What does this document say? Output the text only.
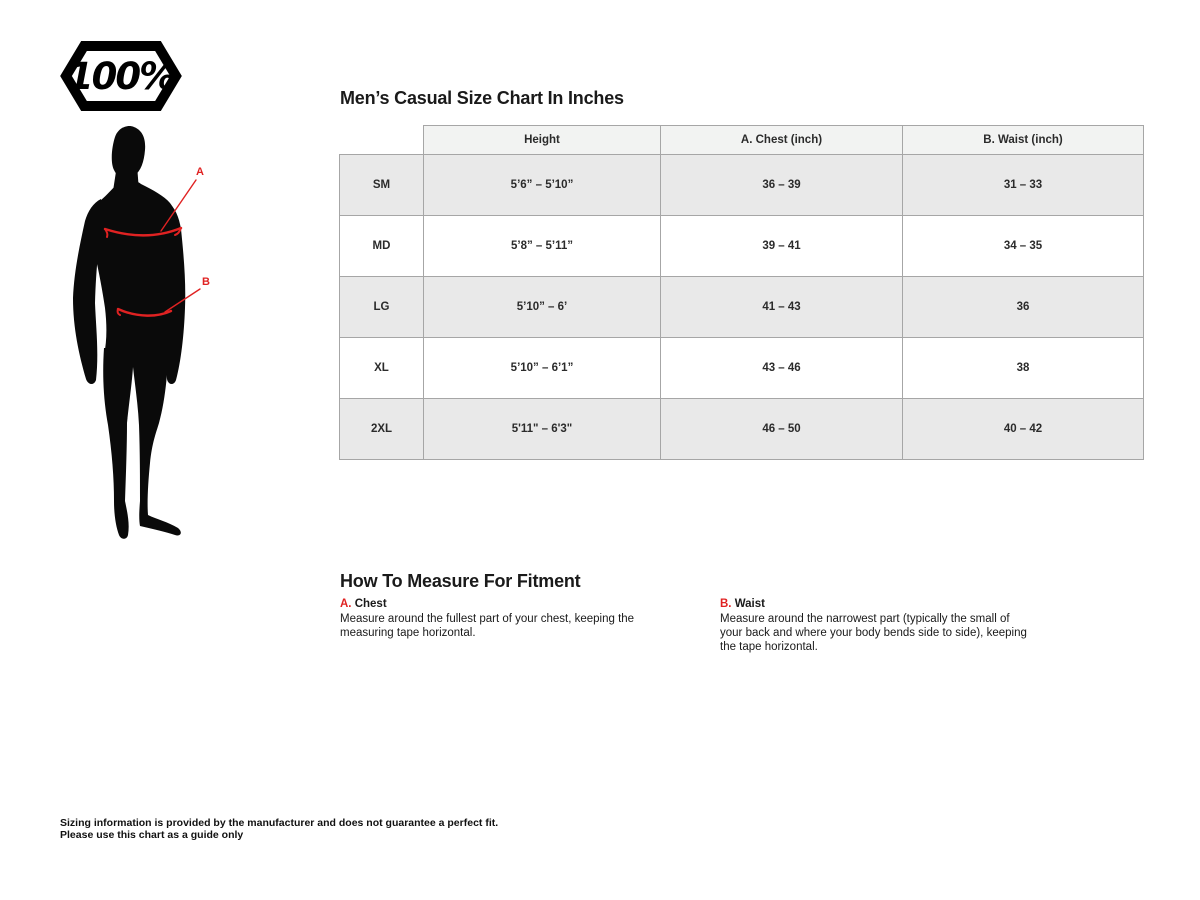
100%
A
B
Men’s Casual Size Chart In Inches
	Height	A. Chest (inch)	B. Waist (inch)
SM	5’6” – 5’10”	36 – 39	31 – 33
MD	5’8” – 5’11”	39 – 41	34 – 35
LG	5’10” – 6’	41 – 43	36
XL	5’10” – 6’1”	43 – 46	38
2XL	5'11" – 6'3"	46 – 50	40 – 42
How To Measure For Fitment
A. Chest

Measure around the fullest part of your chest, keeping the measuring tape horizontal.

B. Waist

Measure around the narrowest part (typically the small of your back and where your body bends side to side), keeping the tape horizontal.

Sizing information is provided by the manufacturer and does not guarantee a perfect fit.
Please use this chart as a guide only
